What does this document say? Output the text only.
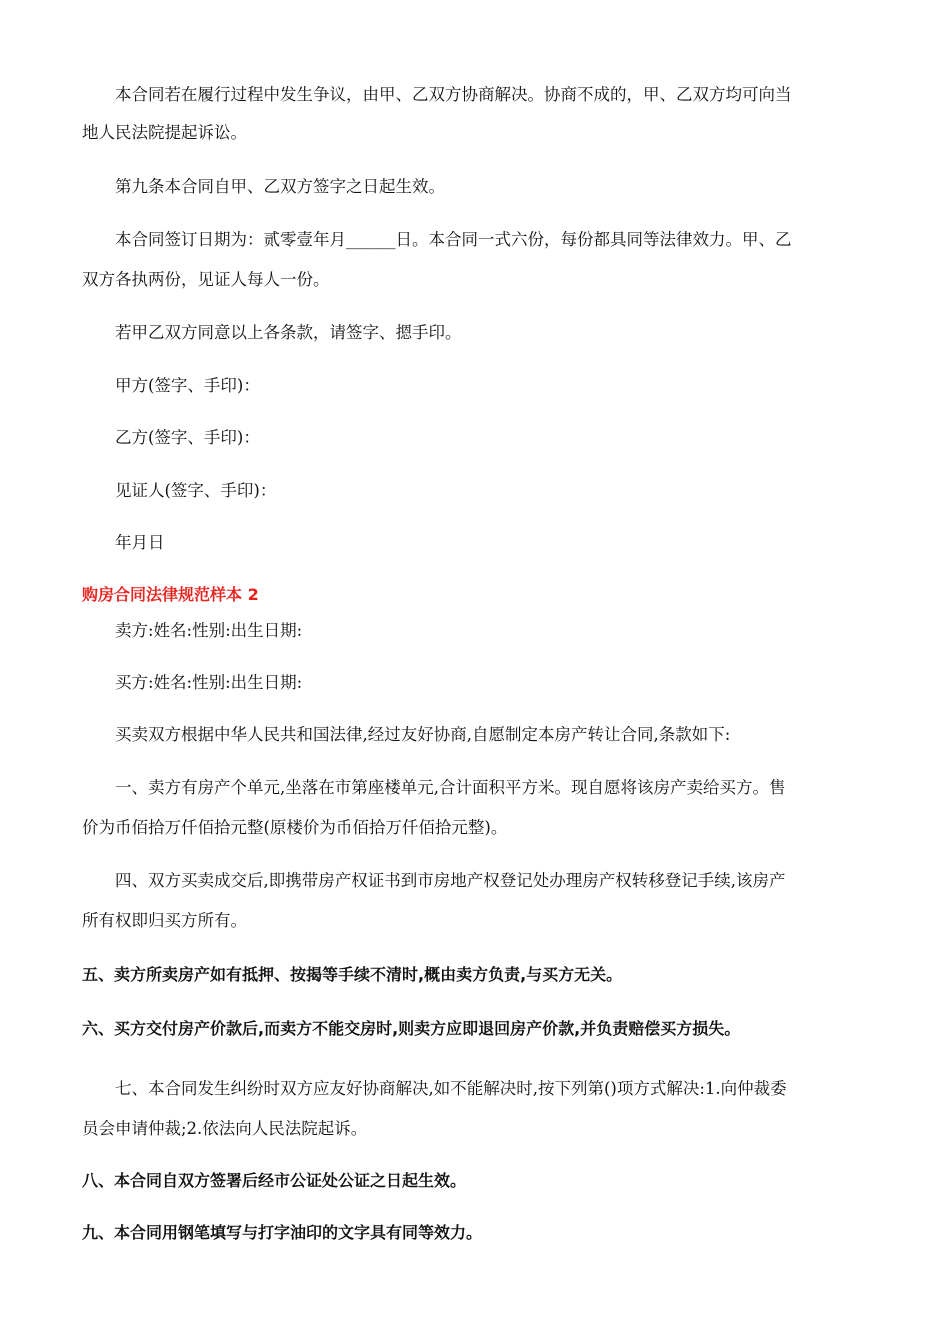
本合同若在履行过程中发生争议，由甲、乙双方协商解决。协商不成的，甲、乙双方均可向当

地人民法院提起诉讼。

第九条本合同自甲、乙双方签字之日起生效。

本合同签订日期为：贰零壹年月______日。本合同一式六份，每份都具同等法律效力。甲、乙

双方各执两份，见证人每人一份。

若甲乙双方同意以上各条款，请签字、摁手印。

甲方(签字、手印)：

乙方(签字、手印)：

见证人(签字、手印)：

年月日

购房合同法律规范样本 2

卖方:姓名:性别:出生日期:

买方:姓名:性别:出生日期:

买卖双方根据中华人民共和国法律,经过友好协商,自愿制定本房产转让合同,条款如下:

一、卖方有房产个单元,坐落在市第座楼单元,合计面积平方米。现自愿将该房产卖给买方。售

价为币佰拾万仟佰拾元整(原楼价为币佰拾万仟佰拾元整)。

四、双方买卖成交后,即携带房产权证书到市房地产权登记处办理房产权转移登记手续,该房产

所有权即归买方所有。

五、卖方所卖房产如有抵押、按揭等手续不清时,概由卖方负责,与买方无关。

六、买方交付房产价款后,而卖方不能交房时,则卖方应即退回房产价款,并负责赔偿买方损失。

七、本合同发生纠纷时双方应友好协商解决,如不能解决时,按下列第()项方式解决:1.向仲裁委

员会申请仲裁;2.依法向人民法院起诉。

八、本合同自双方签署后经市公证处公证之日起生效。

九、本合同用钢笔填写与打字油印的文字具有同等效力。
